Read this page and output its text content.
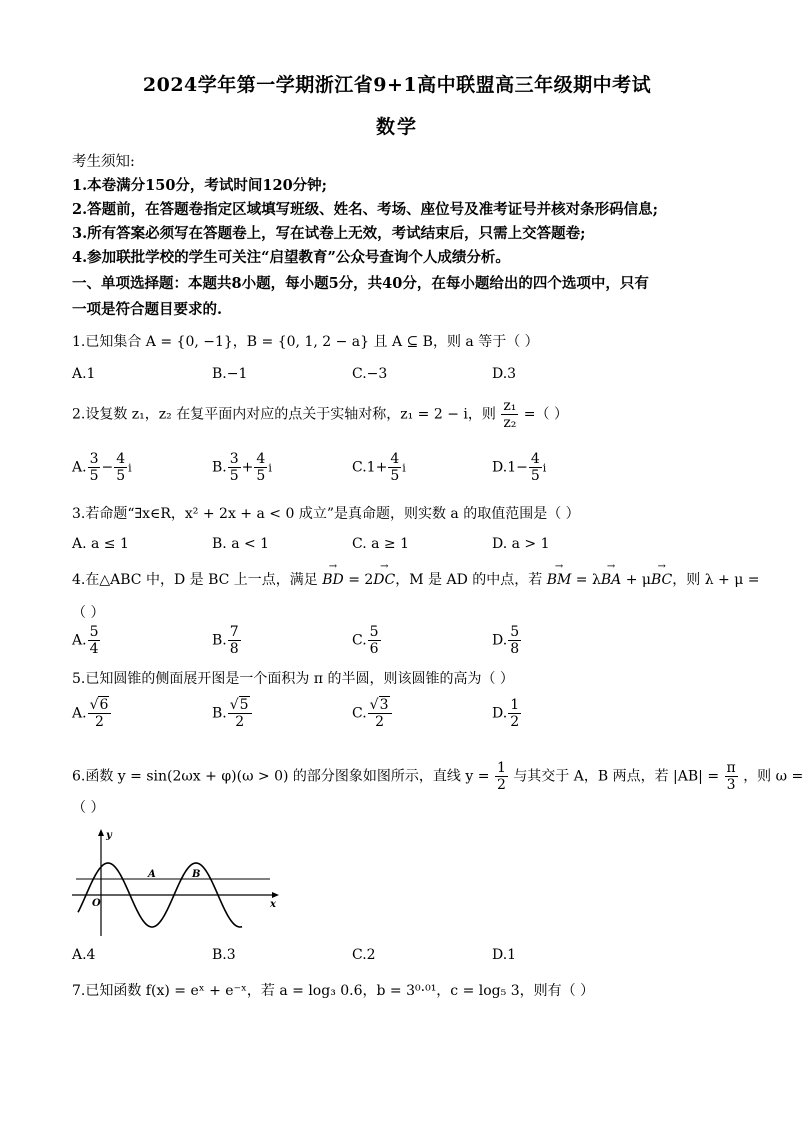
2024学年第一学期浙江省9+1高中联盟高三年级期中考试
数学
考生须知:
1.本卷满分150分，考试时间120分钟;
2.答题前，在答题卷指定区域填写班级、姓名、考场、座位号及准考证号并核对条形码信息;
3.所有答案必须写在答题卷上，写在试卷上无效，考试结束后，只需上交答题卷;
4.参加联批学校的学生可关注“启望教育”公众号查询个人成绩分析。
一、单项选择题：本题共8小题，每小题5分，共40分，在每小题给出的四个选项中，只有
一项是符合题目要求的.
1.已知集合 A = {0, −1}，B = {0, 1, 2 − a} 且 A ⊆ B，则 a 等于（ ）
A.1	B.−1	C.−3	D.3
2.设复数 z₁，z₂ 在复平面内对应的点关于实轴对称，z₁ = 2 − i，则 $\frac{\text{z₁}}{\text{z₂}}$ =（ ）
A. $\frac{3}{5} - \frac{4}{5}$ i	B. $\frac{3}{5} + \frac{4}{5}$ i	$C.1+ \frac{4}{5}$ i	$D.1- \frac{4}{5}$ i
3.若命题“∃x∈R，x² + 2x + a < 0 成立”是真命题，则实数 a 的取值范围是（ ）
A. a ≤ 1	B. a < 1	C. a ≥ 1	D. a > 1
4.在△ABC 中，D 是 BC 上一点，满足 → BD = 2→ DC，M 是 AD 的中点，若 → BM = λ→ BA + μ→ BC，则 λ + μ =
（ ）
A. $\frac{5}{4}$	B. $\frac{7}{8}$	C. $\frac{5}{6}$	D. $\frac{5}{8}$
5.已知圆锥的侧面展开图是一个面积为 π 的半圆，则该圆锥的高为（ ）
A. $\frac{√6}{2}$	B. $\frac{√5}{2}$	C. $\frac{√3}{2}$	D. $\frac{1}{2}$
6.函数 y = sin(2ωx + φ)(ω > 0) 的部分图象如图所示，直线 $y = \frac{1}{2}$ 与其交于 A，B 两点，若 $|AB| = \frac{\pi}{3}$ ，则 ω =
（ ）
y
x
O
A	B
A.4	B.3	C.2	D.1
7.已知函数 f(x) = eˣ + e⁻ˣ，若 a = log₃ 0.6，b = 3⁰·⁰¹，c = log₅ 3，则有（ ）
